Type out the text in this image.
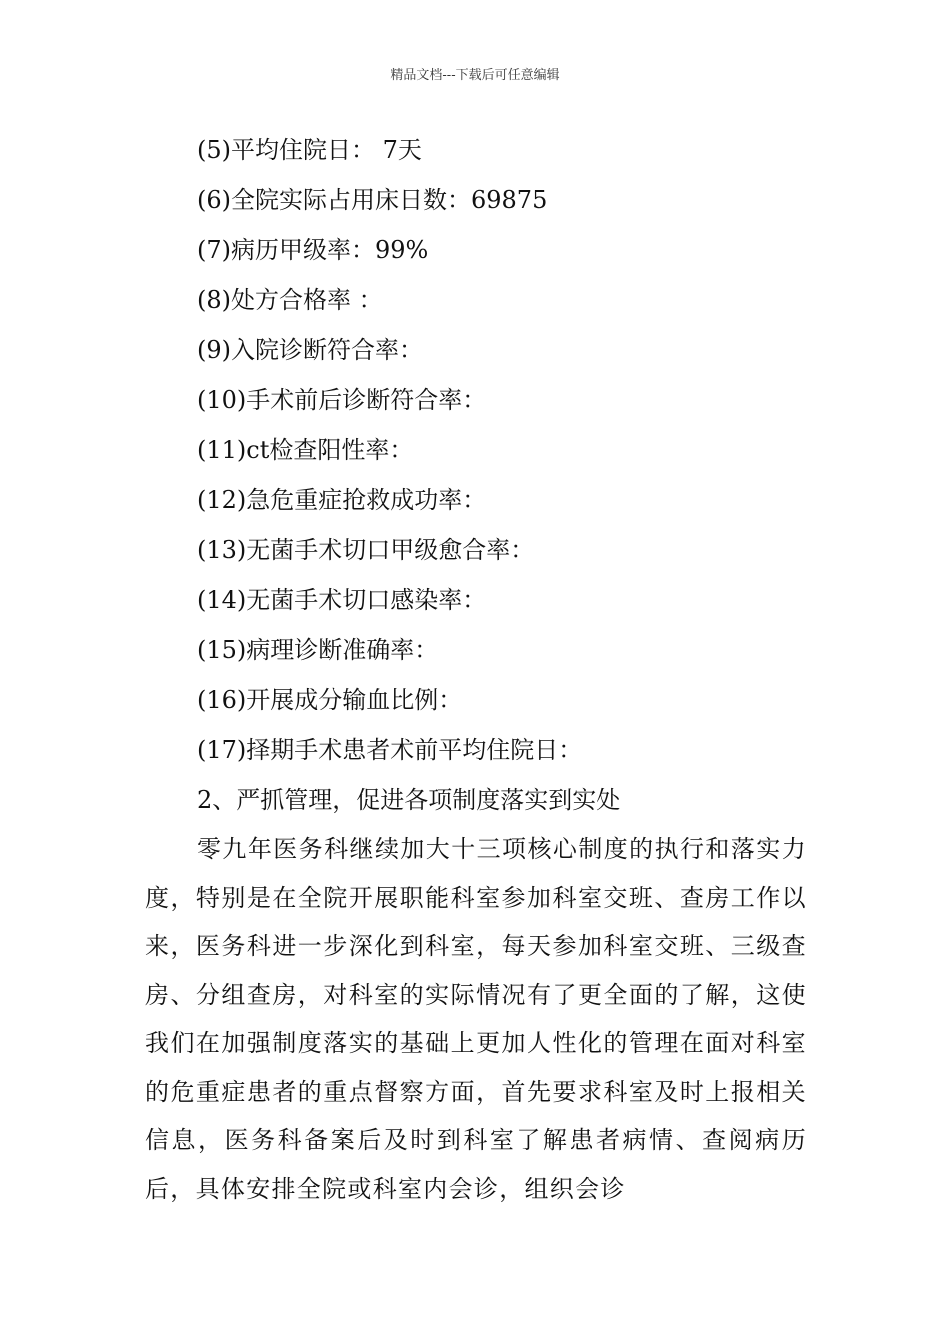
精品文档---下载后可任意编辑
(5)平均住院日： 7天
(6)全院实际占用床日数：69875
(7)病历甲级率：99%
(8)处方合格率 ：
(9)入院诊断符合率：
(10)手术前后诊断符合率：
(11)ct检查阳性率：
(12)急危重症抢救成功率：
(13)无菌手术切口甲级愈合率：
(14)无菌手术切口感染率：
(15)病理诊断准确率：
(16)开展成分输血比例：
(17)择期手术患者术前平均住院日：
2、严抓管理，促进各项制度落实到实处

零九年医务科继续加大十三项核心制度的执行和落实力度，特别是在全院开展职能科室参加科室交班、查房工作以来，医务科进一步深化到科室，每天参加科室交班、三级查房、分组查房，对科室的实际情况有了更全面的了解，这使我们在加强制度落实的基础上更加人性化的管理在面对科室的危重症患者的重点督察方面，首先要求科室及时上报相关信息，医务科备案后及时到科室了解患者病情、查阅病历后，具体安排全院或科室内会诊，组织会诊
